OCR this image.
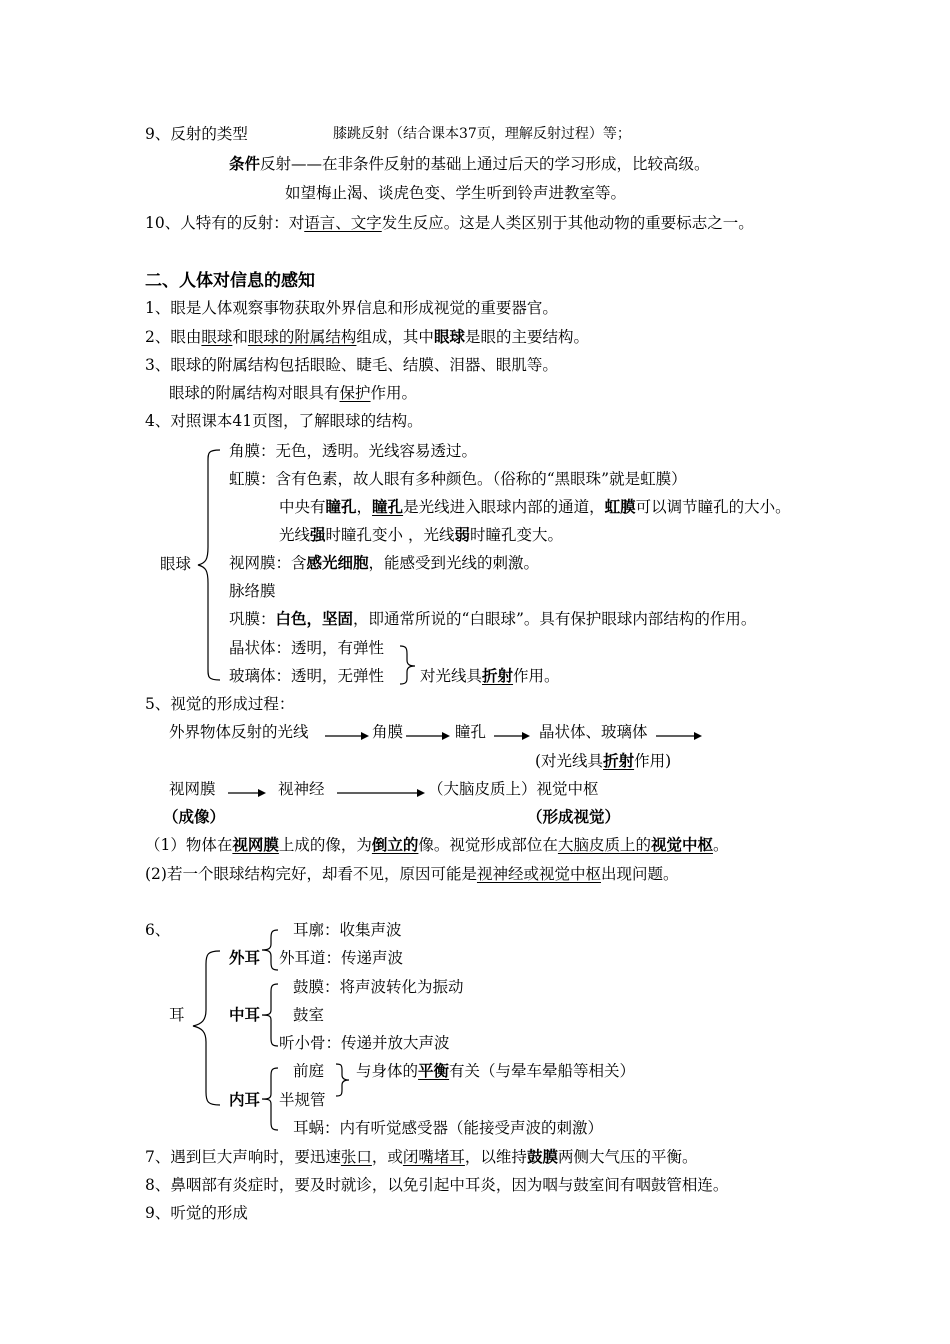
9、反射的类型	膝跳反射（结合课本37页，理解反射过程）等；
条件反射——在非条件反射的基础上通过后天的学习形成，比较高级。
如望梅止渴、谈虎色变、学生听到铃声进教室等。
10、人特有的反射：对语言、文字发生反应。这是人类区别于其他动物的重要标志之一。
二、人体对信息的感知
1、眼是人体观察事物获取外界信息和形成视觉的重要器官。
2、眼由眼球和眼球的附属结构组成，其中眼球是眼的主要结构。
3、眼球的附属结构包括眼睑、睫毛、结膜、泪器、眼肌等。
眼球的附属结构对眼具有保护作用。
4、对照课本41页图，了解眼球的结构。
眼球
角膜：无色，透明。光线容易透过。
虹膜：含有色素，故人眼有多种颜色。（俗称的“黑眼珠”就是虹膜）
中央有瞳孔，瞳孔是光线进入眼球内部的通道，虹膜可以调节瞳孔的大小。
光线强时瞳孔变小 ，光线弱时瞳孔变大。
视网膜：含感光细胞，能感受到光线的刺激。
脉络膜
巩膜：白色，坚固，即通常所说的“白眼球”。具有保护眼球内部结构的作用。
晶状体：透明，有弹性
玻璃体：透明，无弹性 对光线具折射作用。
5、视觉的形成过程：
外界物体反射的光线	角膜	瞳孔	晶状体、玻璃体
(对光线具折射作用)
视网膜	视神经	（大脑皮质上）视觉中枢
（成像）	（形成视觉）
（1）物体在视网膜上成的像，为倒立的像。视觉形成部位在大脑皮质上的视觉中枢。
(2)若一个眼球结构完好，却看不见，原因可能是视神经或视觉中枢出现问题。
6、
耳
外耳
耳廓：收集声波
外耳道：传递声波
中耳
鼓膜：将声波转化为振动
鼓室
听小骨：传递并放大声波
内耳
前庭
半规管
与身体的平衡有关（与晕车晕船等相关）
耳蜗：内有听觉感受器（能接受声波的刺激）
7、遇到巨大声响时，要迅速张口，或闭嘴堵耳，以维持鼓膜两侧大气压的平衡。
8、鼻咽部有炎症时，要及时就诊，以免引起中耳炎，因为咽与鼓室间有咽鼓管相连。
9、听觉的形成
